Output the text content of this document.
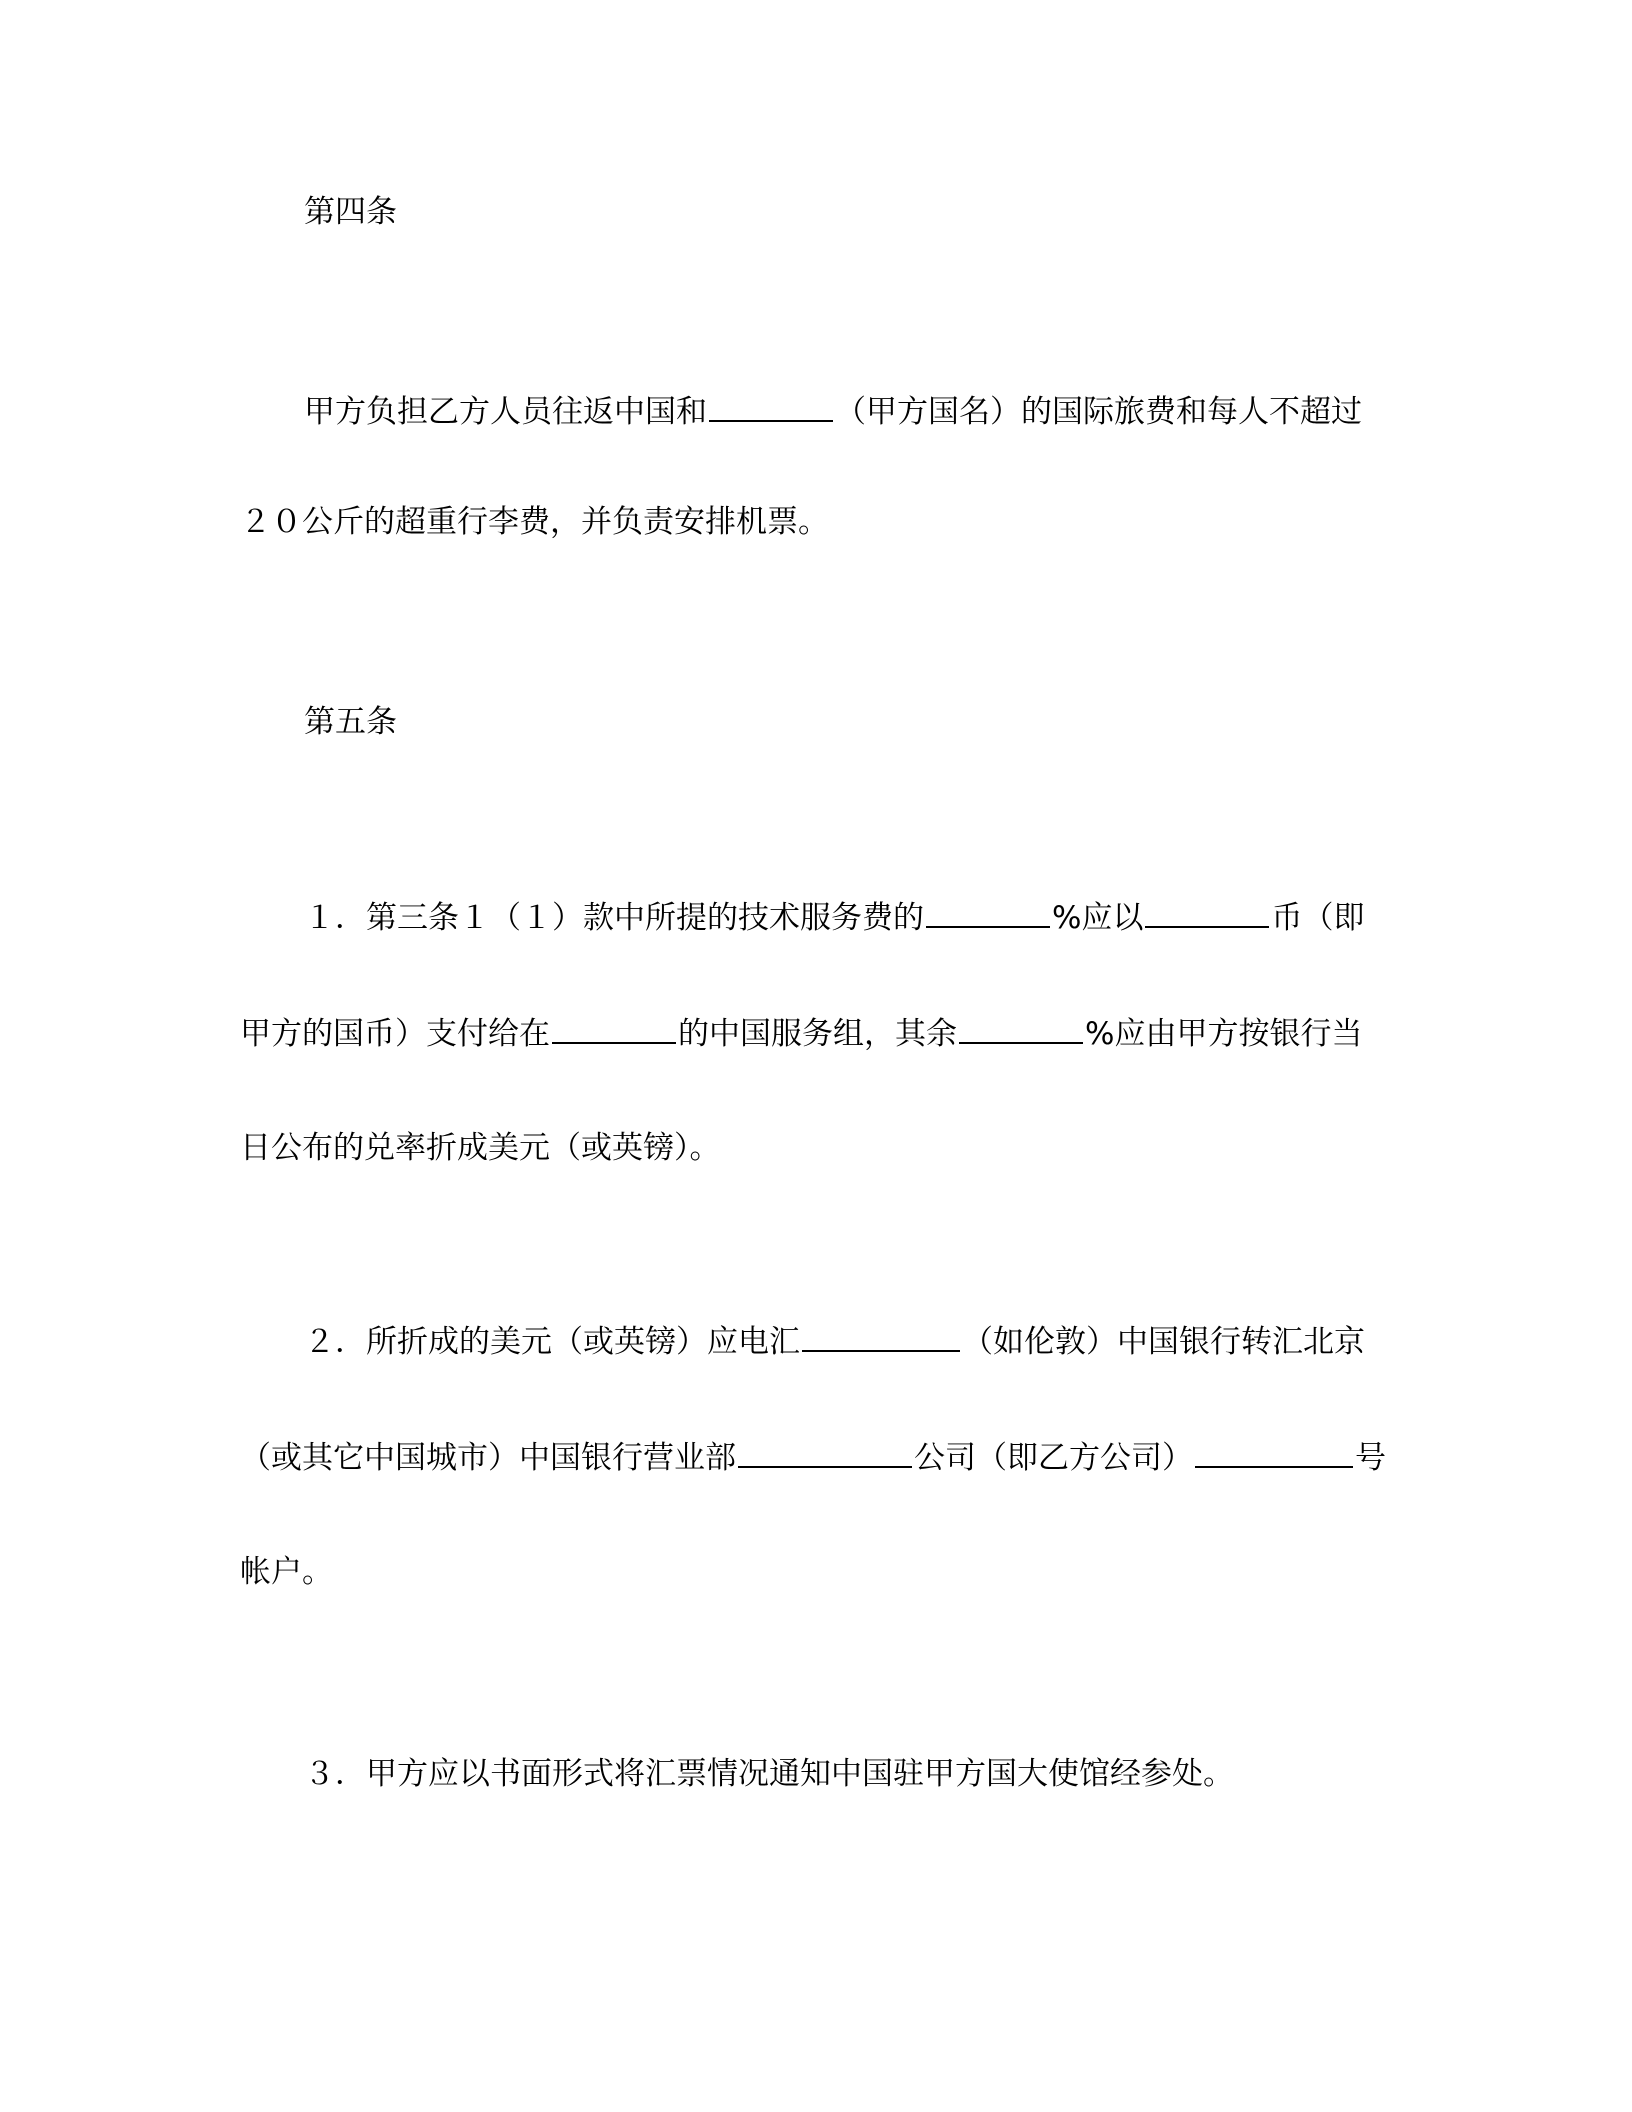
第四条
甲方负担乙方人员往返中国和	（甲方国名）的国际旅费和每人不超过
２０公斤的超重行李费，并负责安排机票。
第五条
１．第三条１（１）款中所提的技术服务费的	%应以	币（即
甲方的国币）支付给在	的中国服务组，其余	%应由甲方按银行当
日公布的兑率折成美元（或英镑）。
２．所折成的美元（或英镑）应电汇	（如伦敦）中国银行转汇北京
（或其它中国城市）中国银行营业部	公司（即乙方公司）	号
帐户。
３．甲方应以书面形式将汇票情况通知中国驻甲方国大使馆经参处。
